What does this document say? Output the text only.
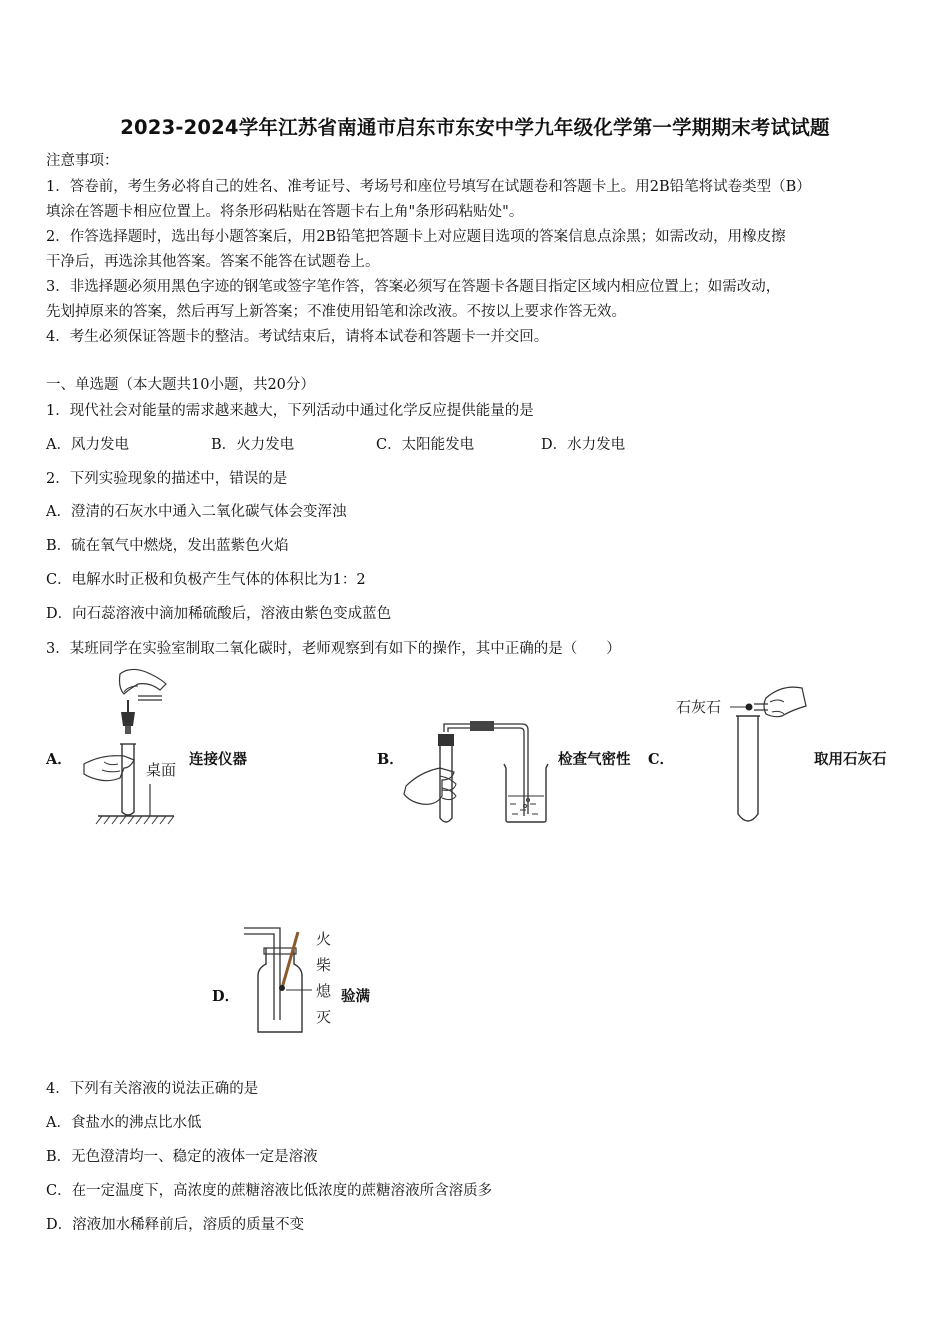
2023-2024学年江苏省南通市启东市东安中学九年级化学第一学期期末考试试题
注意事项：
1．答卷前，考生务必将自己的姓名、准考证号、考场号和座位号填写在试题卷和答题卡上。用2B铅笔将试卷类型（B）
填涂在答题卡相应位置上。将条形码粘贴在答题卡右上角"条形码粘贴处"。
2．作答选择题时，选出每小题答案后，用2B铅笔把答题卡上对应题目选项的答案信息点涂黑；如需改动，用橡皮擦
干净后，再选涂其他答案。答案不能答在试题卷上。
3．非选择题必须用黑色字迹的钢笔或签字笔作答，答案必须写在答题卡各题目指定区域内相应位置上；如需改动，
先划掉原来的答案，然后再写上新答案；不准使用铅笔和涂改液。不按以上要求作答无效。
4．考生必须保证答题卡的整洁。考试结束后，请将本试卷和答题卡一并交回。
一、单选题（本大题共10小题，共20分）
1．现代社会对能量的需求越来越大，下列活动中通过化学反应提供能量的是
A．风力发电	B．火力发电	C．太阳能发电	D．水力发电
2．下列实验现象的描述中，错误的是
A．澄清的石灰水中通入二氧化碳气体会变浑浊
B．硫在氧气中燃烧，发出蓝紫色火焰
C．电解水时正极和负极产生气体的体积比为1：2
D．向石蕊溶液中滴加稀硫酸后，溶液由紫色变成蓝色
3．某班同学在实验室制取二氧化碳时，老师观察到有如下的操作，其中正确的是（　　）
A．
桌面
连接仪器	B．	检查气密性 C．
石灰石
取用石灰石
D．
火
柴
熄
灭
验满
4．下列有关溶液的说法正确的是
A．食盐水的沸点比水低
B．无色澄清均一、稳定的液体一定是溶液
C．在一定温度下，高浓度的蔗糖溶液比低浓度的蔗糖溶液所含溶质多
D．溶液加水稀释前后，溶质的质量不变
